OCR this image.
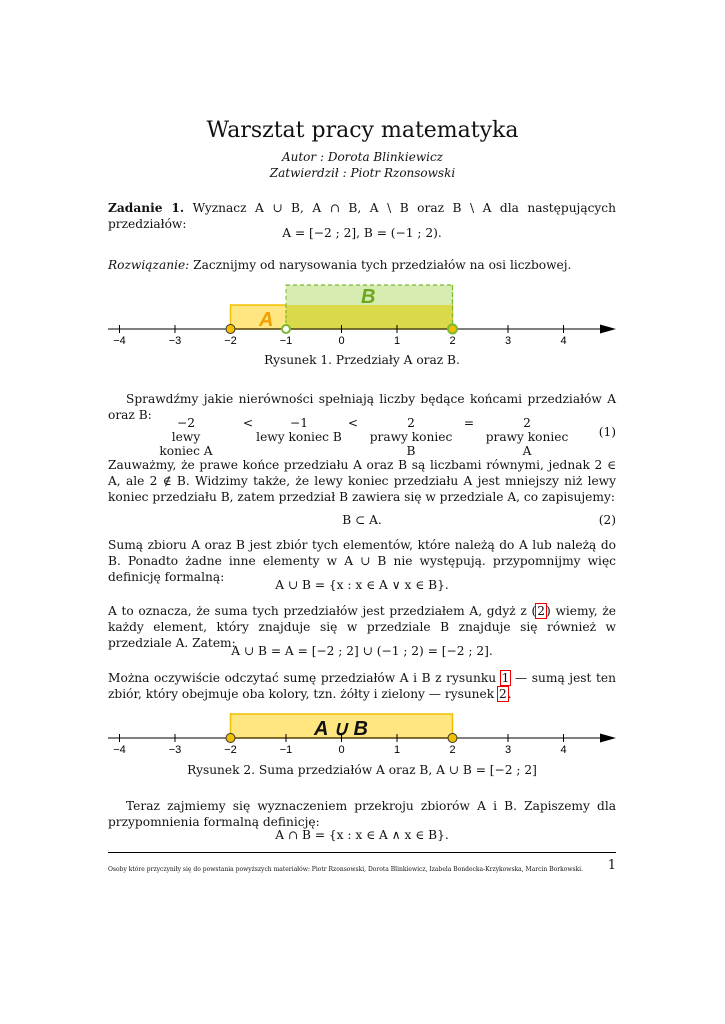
Warsztat pracy matematyka
Autor : Dorota Blinkiewicz
Zatwierdził : Piotr Rzonsowski
Zadanie 1. Wyznacz A ∪ B, A ∩ B, A \ B oraz B \ A dla następujących przedziałów:
A = [−2 ; 2], B = (−1 ; 2).
Rozwiązanie: Zacznijmy od narysowania tych przedziałów na osi liczbowej.
A
B
−4	−3	−2	−1	0	1	2	3	4
Rysunek 1. Przedziały A oraz B.
Sprawdźmy jakie nierówności spełniają liczby będące końcami przedziałów A oraz B:
−2
lewy koniec A
<	−1
lewy koniec B
<	2
prawy koniec B
=	2
prawy koniec A
(1)
Zauważmy, że prawe końce przedziału A oraz B są liczbami równymi, jednak 2 ∈ A, ale 2 ∉ B. Widzimy także, że lewy koniec przedziału A jest mniejszy niż lewy koniec przedziału B, zatem przedział B zawiera się w przedziale A, co zapisujemy:
B ⊂ A.	(2)
Sumą zbioru A oraz B jest zbiór tych elementów, które należą do A lub należą do B. Ponadto żadne inne elementy w A ∪ B nie występują. przypomnijmy więc definicję formalną:
A ∪ B = {x : x ∈ A ∨ x ∈ B}.
A to oznacza, że suma tych przedziałów jest przedziałem A, gdyż z (2) wiemy, że każdy element, który znajduje się w przedziale B znajduje się również w przedziale A. Zatem:
A ∪ B = A = [−2 ; 2] ∪ (−1 ; 2) = [−2 ; 2].
Można oczywiście odczytać sumę przedziałów A i B z rysunku 1 — sumą jest ten zbiór, który obejmuje oba kolory, tzn. żółty i zielony — rysunek 2.
A ∪ B
−4	−3	−2	−1	0	1	2	3	4
Rysunek 2. Suma przedziałów A oraz B, A ∪ B = [−2 ; 2]
Teraz zajmiemy się wyznaczeniem przekroju zbiorów A i B. Zapiszemy dla przypomnienia formalną definicję:
A ∩ B = {x : x ∈ A ∧ x ∈ B}.
Osoby które przyczyniły się do powstania powyższych materiałów: Piotr Rzonsowski, Dorota Blinkiewicz, Izabela Bondecka-Krzykowska, Marcin Borkowski.	1
